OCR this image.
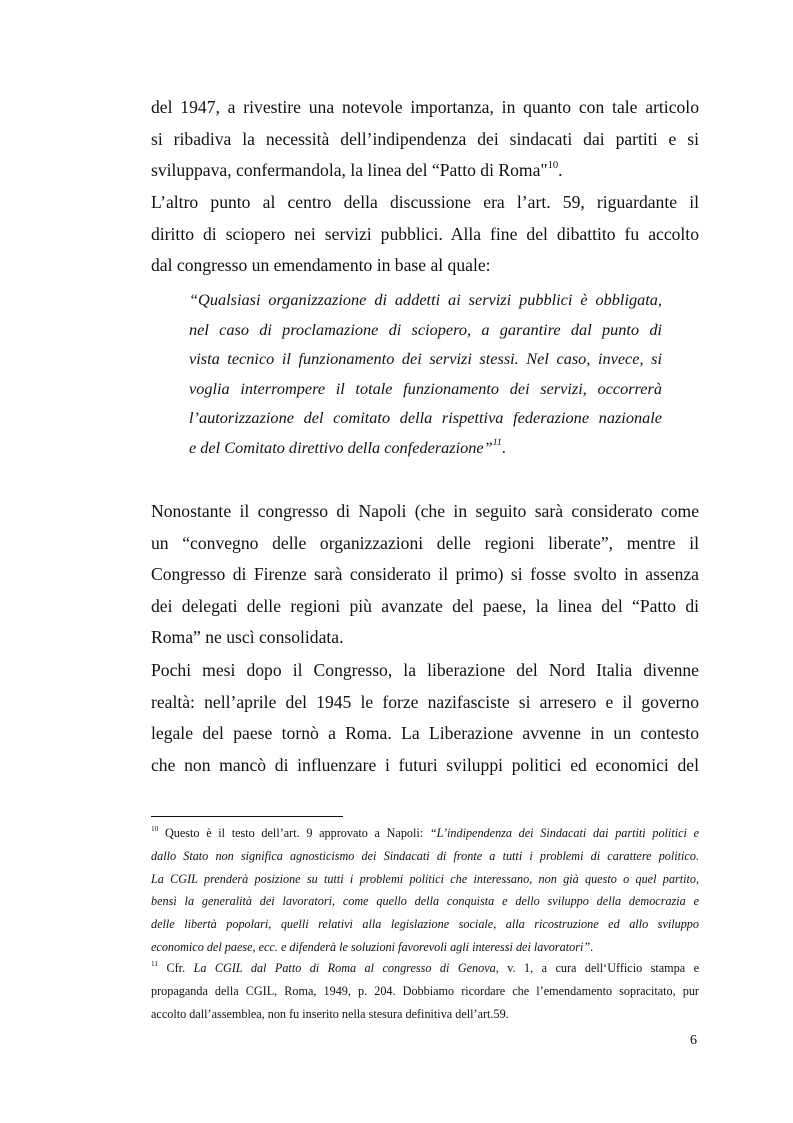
del 1947, a rivestire una notevole importanza, in quanto con tale articolo

si ribadiva la necessità dell’indipendenza dei sindacati dai partiti e si

sviluppava, confermandola, la linea del “Patto di Roma"$^{10}$.

L’altro punto al centro della discussione era l’art. 59, riguardante il

diritto di sciopero nei servizi pubblici. Alla fine del dibattito fu accolto

dal congresso un emendamento in base al quale:

“Qualsiasi organizzazione di addetti ai servizi pubblici è obbligata,

nel caso di proclamazione di sciopero, a garantire dal punto di

vista tecnico il funzionamento dei servizi stessi. Nel caso, invece, si

voglia interrompere il totale funzionamento dei servizi, occorrerà

l’autorizzazione del comitato della rispettiva federazione nazionale

e del Comitato direttivo della confederazione”$^{11}$.

Nonostante il congresso di Napoli (che in seguito sarà considerato come

un “convegno delle organizzazioni delle regioni liberate”, mentre il

Congresso di Firenze sarà considerato il primo) si fosse svolto in assenza

dei delegati delle regioni più avanzate del paese, la linea del “Patto di

Roma” ne uscì consolidata.

Pochi mesi dopo il Congresso, la liberazione del Nord Italia divenne

realtà: nell’aprile del 1945 le forze nazifasciste si arresero e il governo

legale del paese tornò a Roma. La Liberazione avvenne in un contesto

che non mancò di influenzare i futuri sviluppi politici ed economici del

$^{10}$ Questo è il testo dell’art. 9 approvato a Napoli: “L’indipendenza dei Sindacati dai partiti politici e

dallo Stato non significa agnosticismo dei Sindacati di fronte a tutti i problemi di carattere politico.

La CGIL prenderà posizione su tutti i problemi politici che interessano, non già questo o quel partito,

bensì la generalità dei lavoratori, come quello della conquista e dello sviluppo della democrazia e

delle libertà popolari, quelli relativi alla legislazione sociale, alla ricostruzione ed allo sviluppo

economico del paese, ecc. e difenderà le soluzioni favorevoli agli interessi dei lavoratori”.

$^{11}$ Cfr. La CGIL dal Patto di Roma al congresso di Genova, v. 1, a cura dell‘Ufficio stampa e

propaganda della CGIL, Roma, 1949, p. 204. Dobbiamo ricordare che l’emendamento sopracitato, pur

accolto dall’assemblea, non fu inserito nella stesura definitiva dell’art.59.

6
